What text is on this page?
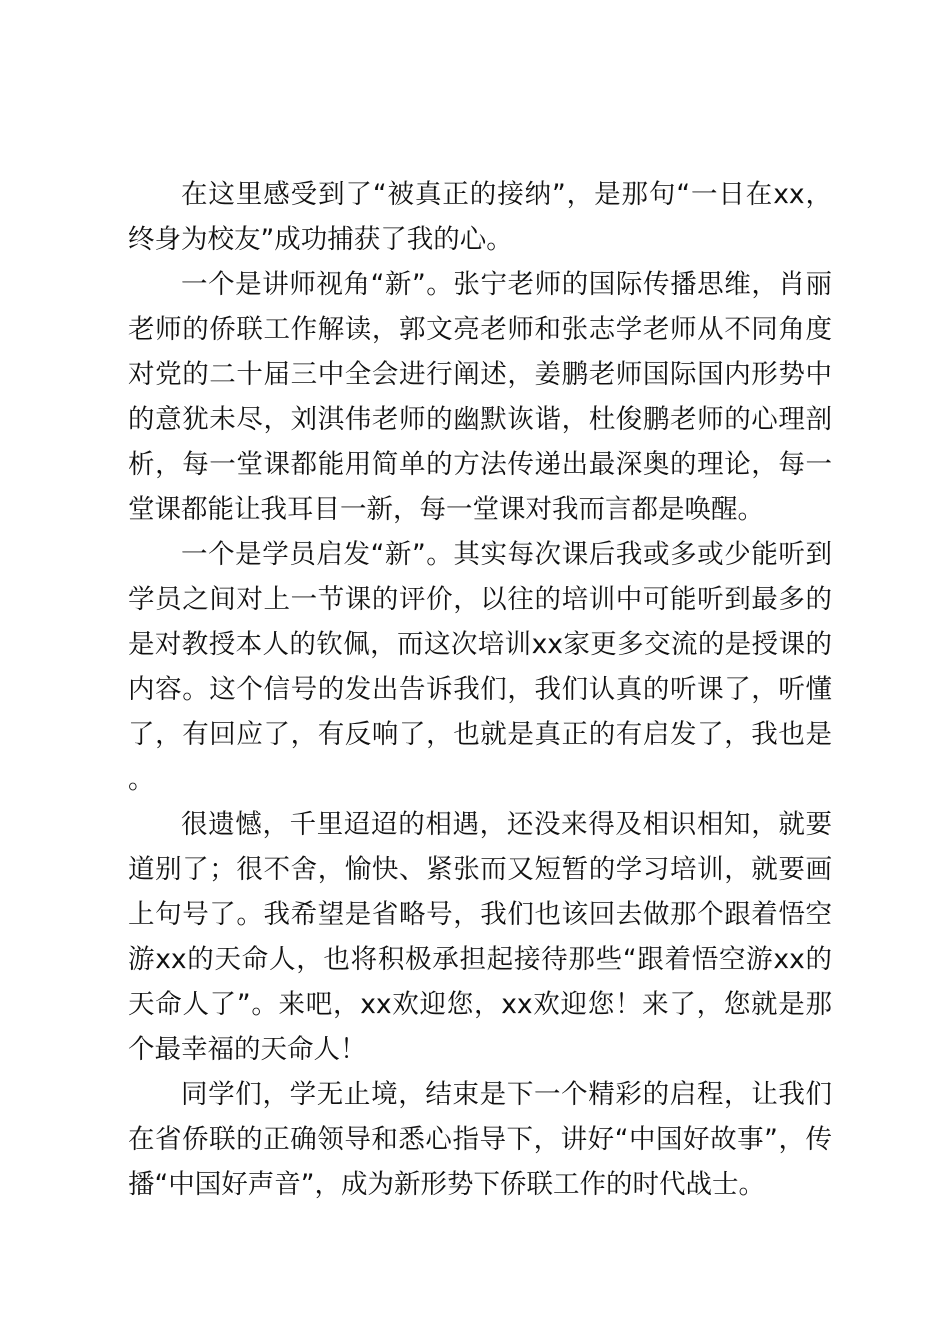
在这里感受到了“被真正的接纳”，是那句“一日在xx，终身为校友”成功捕获了我的心。

一个是讲师视角“新”。张宁老师的国际传播思维，肖丽老师的侨联工作解读，郭文亮老师和张志学老师从不同角度对党的二十届三中全会进行阐述，姜鹏老师国际国内形势中的意犹未尽，刘淇伟老师的幽默诙谐，杜俊鹏老师的心理剖析，每一堂课都能用简单的方法传递出最深奥的理论，每一堂课都能让我耳目一新，每一堂课对我而言都是唤醒。

一个是学员启发“新”。其实每次课后我或多或少能听到学员之间对上一节课的评价，以往的培训中可能听到最多的是对教授本人的钦佩，而这次培训xx家更多交流的是授课的内容。这个信号的发出告诉我们，我们认真的听课了，听懂了，有回应了，有反响了，也就是真正的有启发了，我也是。

很遗憾，千里迢迢的相遇，还没来得及相识相知，就要道别了；很不舍，愉快、紧张而又短暂的学习培训，就要画上句号了。我希望是省略号，我们也该回去做那个跟着悟空游xx的天命人，也将积极承担起接待那些“跟着悟空游xx的天命人了”。来吧，xx欢迎您，xx欢迎您！来了，您就是那个最幸福的天命人！

同学们，学无止境，结束是下一个精彩的启程，让我们在省侨联的正确领导和悉心指导下，讲好“中国好故事”，传播“中国好声音”，成为新形势下侨联工作的时代战士。
